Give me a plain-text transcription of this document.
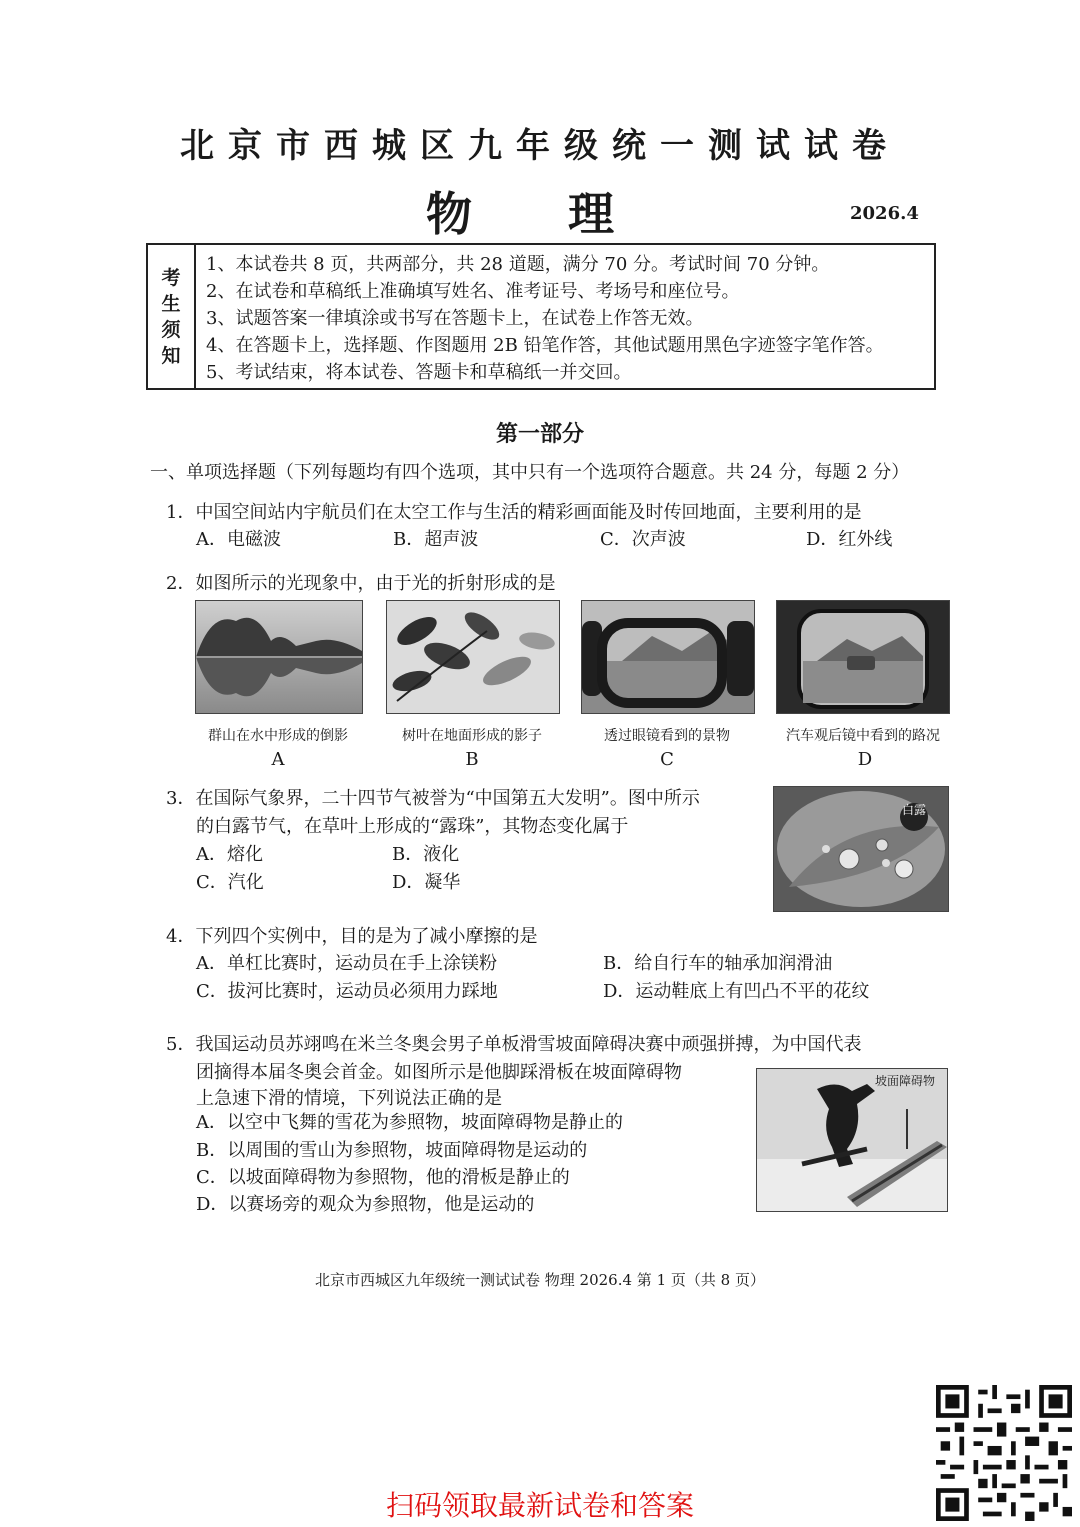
北京市西城区九年级统一测试试卷
物 理	2026.4
考
生
须
知
1、本试卷共 8 页，共两部分，共 28 道题，满分 70 分。考试时间 70 分钟。
2、在试卷和草稿纸上准确填写姓名、准考证号、考场号和座位号。
3、试题答案一律填涂或书写在答题卡上，在试卷上作答无效。
4、在答题卡上，选择题、作图题用 2B 铅笔作答，其他试题用黑色字迹签字笔作答。
5、考试结束，将本试卷、答题卡和草稿纸一并交回。
第一部分
一、单项选择题（下列每题均有四个选项，其中只有一个选项符合题意。共 24 分，每题 2 分）
1．中国空间站内宇航员们在太空工作与生活的精彩画面能及时传回地面，主要利用的是
A．电磁波	B．超声波	C．次声波	D．红外线
2．如图所示的光现象中，由于光的折射形成的是
群山在水中形成的倒影	树叶在地面形成的影子	透过眼镜看到的景物	汽车观后镜中看到的路况
A	B	C	D
3．在国际气象界，二十四节气被誉为“中国第五大发明”。图中所示
的白露节气，在草叶上形成的“露珠”，其物态变化属于
A．熔化	B．液化
C．汽化	D．凝华
白露
4．下列四个实例中，目的是为了减小摩擦的是
A．单杠比赛时，运动员在手上涂镁粉	B．给自行车的轴承加润滑油
C．拔河比赛时，运动员必须用力踩地	D．运动鞋底上有凹凸不平的花纹
5．我国运动员苏翊鸣在米兰冬奥会男子单板滑雪坡面障碍决赛中顽强拼搏，为中国代表
团摘得本届冬奥会首金。如图所示是他脚踩滑板在坡面障碍物
上急速下滑的情境，下列说法正确的是
A．以空中飞舞的雪花为参照物，坡面障碍物是静止的
B．以周围的雪山为参照物，坡面障碍物是运动的
C．以坡面障碍物为参照物，他的滑板是静止的
D．以赛场旁的观众为参照物，他是运动的
坡面障碍物
北京市西城区九年级统一测试试卷 物理 2026.4 第 1 页（共 8 页）
扫码领取最新试卷和答案
